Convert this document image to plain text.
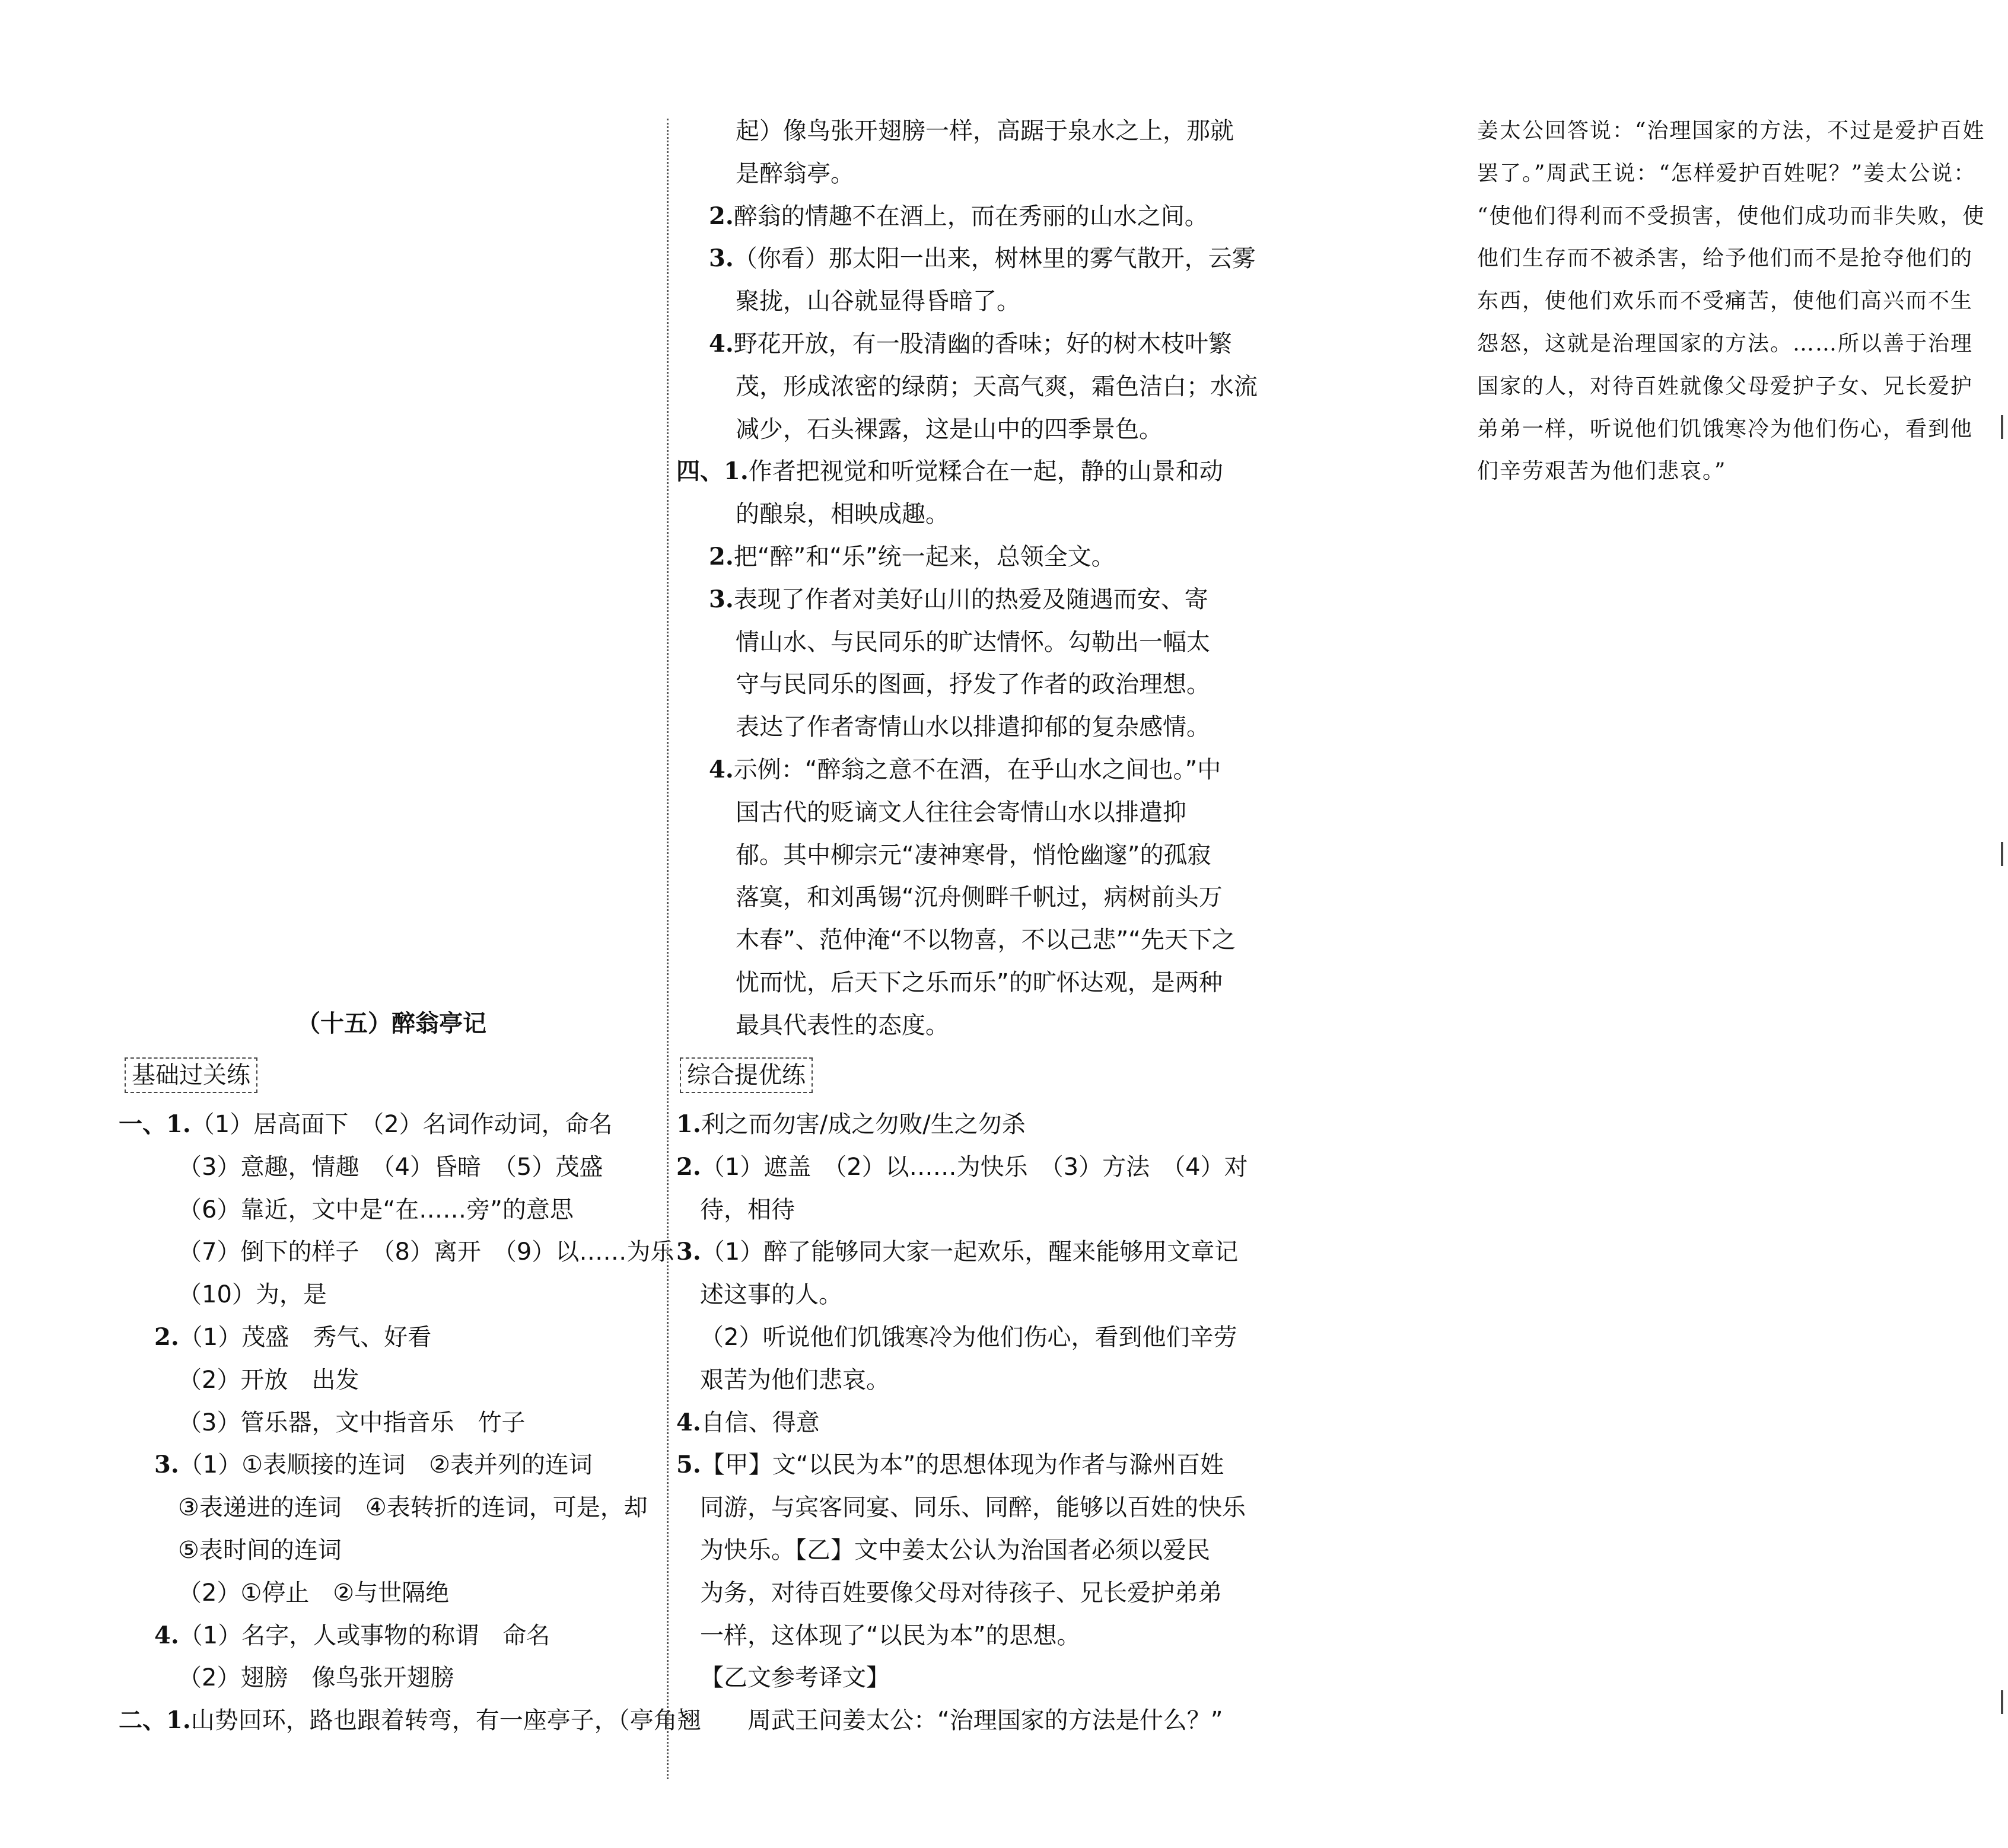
（十五）醉翁亭记
基础过关练
一、1.（1）居高面下　（2）名词作动词，命名
（3）意趣，情趣　（4）昏暗　（5）茂盛
（6）靠近，文中是“在……旁”的意思
（7）倒下的样子　（8）离开　（9）以……为乐
（10）为，是
2.（1）茂盛　秀气、好看
（2）开放　出发
（3）管乐器，文中指音乐　竹子
3.（1）①表顺接的连词　②表并列的连词
③表递进的连词　④表转折的连词，可是，却
⑤表时间的连词
（2）①停止　②与世隔绝
4.（1）名字，人或事物的称谓　命名
（2）翅膀　像鸟张开翅膀
二、1.山势回环，路也跟着转弯，有一座亭子，（亭角翘
综合提优练
起）像鸟张开翅膀一样，高踞于泉水之上，那就
是醉翁亭。
2.醉翁的情趣不在酒上，而在秀丽的山水之间。
3.（你看）那太阳一出来，树林里的雾气散开，云雾
聚拢，山谷就显得昏暗了。
4.野花开放，有一股清幽的香味；好的树木枝叶繁
茂，形成浓密的绿荫；天高气爽，霜色洁白；水流
减少，石头裸露，这是山中的四季景色。
四、1.作者把视觉和听觉糅合在一起，静的山景和动
的酿泉，相映成趣。
2.把“醉”和“乐”统一起来，总领全文。
3.表现了作者对美好山川的热爱及随遇而安、寄
情山水、与民同乐的旷达情怀。勾勒出一幅太
守与民同乐的图画，抒发了作者的政治理想。
表达了作者寄情山水以排遣抑郁的复杂感情。
4.示例：“醉翁之意不在酒，在乎山水之间也。”中
国古代的贬谪文人往往会寄情山水以排遣抑
郁。其中柳宗元“凄神寒骨，悄怆幽邃”的孤寂
落寞，和刘禹锡“沉舟侧畔千帆过，病树前头万
木春”、范仲淹“不以物喜，不以己悲”“先天下之
忧而忧，后天下之乐而乐”的旷怀达观，是两种
最具代表性的态度。
1.利之而勿害/成之勿败/生之勿杀
2.（1）遮盖　（2）以……为快乐　（3）方法　（4）对
待，相待
3.（1）醉了能够同大家一起欢乐，醒来能够用文章记
述这事的人。
（2）听说他们饥饿寒冷为他们伤心，看到他们辛劳
艰苦为他们悲哀。
4.自信、得意
5.【甲】文“以民为本”的思想体现为作者与滁州百姓
同游，与宾客同宴、同乐、同醉，能够以百姓的快乐
为快乐。【乙】文中姜太公认为治国者必须以爱民
为务，对待百姓要像父母对待孩子、兄长爱护弟弟
一样，这体现了“以民为本”的思想。
【乙文参考译文】
　　周武王问姜太公：“治理国家的方法是什么？”
姜太公回答说：“治理国家的方法，不过是爱护百姓
罢了。”周武王说：“怎样爱护百姓呢？”姜太公说：
“使他们得利而不受损害，使他们成功而非失败，使
他们生存而不被杀害，给予他们而不是抢夺他们的
东西，使他们欢乐而不受痛苦，使他们高兴而不生
怨怒，这就是治理国家的方法。……所以善于治理
国家的人，对待百姓就像父母爱护子女、兄长爱护
弟弟一样，听说他们饥饿寒冷为他们伤心，看到他
们辛劳艰苦为他们悲哀。”
